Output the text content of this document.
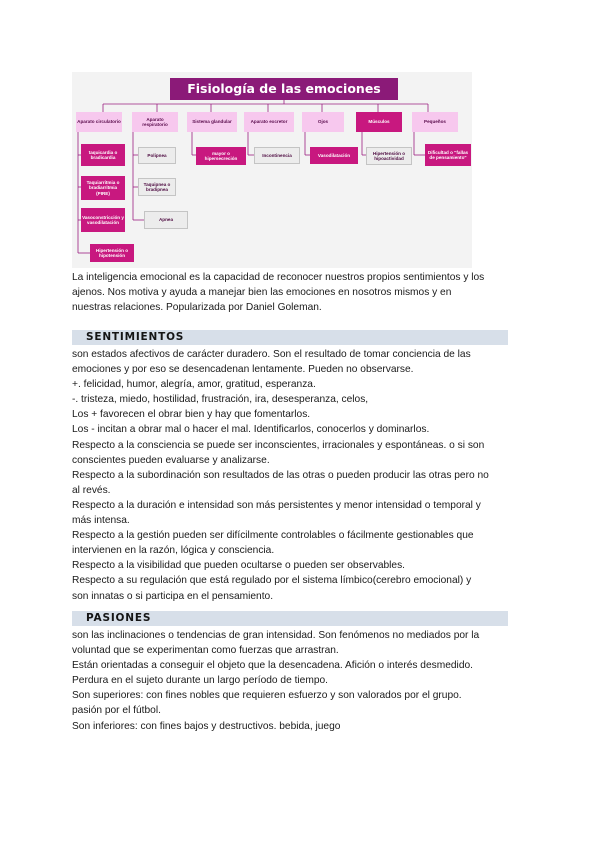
Fisiología de las emociones
Aparato circulatorio
Aparato respiratorio
Sistema glandular	Aparato excretor	Ojos	Músculos	Pequeños
taquicardia o bradicardia	Polipnea	mayor o hipersecreción
Incontinencia	Vasodilatación	Hipertensión o hipoactividad
Dificultad o "fallas de pensamiento"
Taquiarritmia o bradiarritmia (PIRE)
Taquipnea o bradipnea
Vasoconstricción y vasodilatación
Apnea
Hipertensión o hipotensión
La inteligencia emocional es la capacidad de reconocer nuestros propios sentimientos y los
ajenos. Nos motiva y ayuda a manejar bien las emociones en nosotros mismos y en
nuestras relaciones. Popularizada por Daniel Goleman.
SENTIMIENTOS
son estados afectivos de carácter duradero. Son el resultado de tomar conciencia de las
emociones y por eso se desencadenan lentamente. Pueden no observarse.
+. felicidad, humor, alegría, amor, gratitud, esperanza.
-. tristeza, miedo, hostilidad, frustración, ira, desesperanza, celos,
Los + favorecen el obrar bien y hay que fomentarlos.
Los - incitan a obrar mal o hacer el mal. Identificarlos, conocerlos y dominarlos.
Respecto a la consciencia se puede ser inconscientes, irracionales y espontáneas. o si son
conscientes pueden evaluarse y analizarse.
Respecto a la subordinación son resultados de las otras o pueden producir las otras pero no
al revés.
Respecto a la duración e intensidad son más persistentes y menor intensidad o temporal y
más intensa.
Respecto a la gestión pueden ser difícilmente controlables o fácilmente gestionables que
intervienen en la razón, lógica y consciencia.
Respecto a la visibilidad que pueden ocultarse o pueden ser observables.
Respecto a su regulación que está regulado por el sistema límbico(cerebro emocional) y
son innatas o si participa en el pensamiento.
PASIONES
son las inclinaciones o tendencias de gran intensidad. Son fenómenos no mediados por la
voluntad que se experimentan como fuerzas que arrastran.
Están orientadas a conseguir el objeto que la desencadena. Afición o interés desmedido.
Perdura en el sujeto durante un largo período de tiempo.
Son superiores: con fines nobles que requieren esfuerzo y son valorados por el grupo.
pasión por el fútbol.
Son inferiores: con fines bajos y destructivos. bebida, juego
